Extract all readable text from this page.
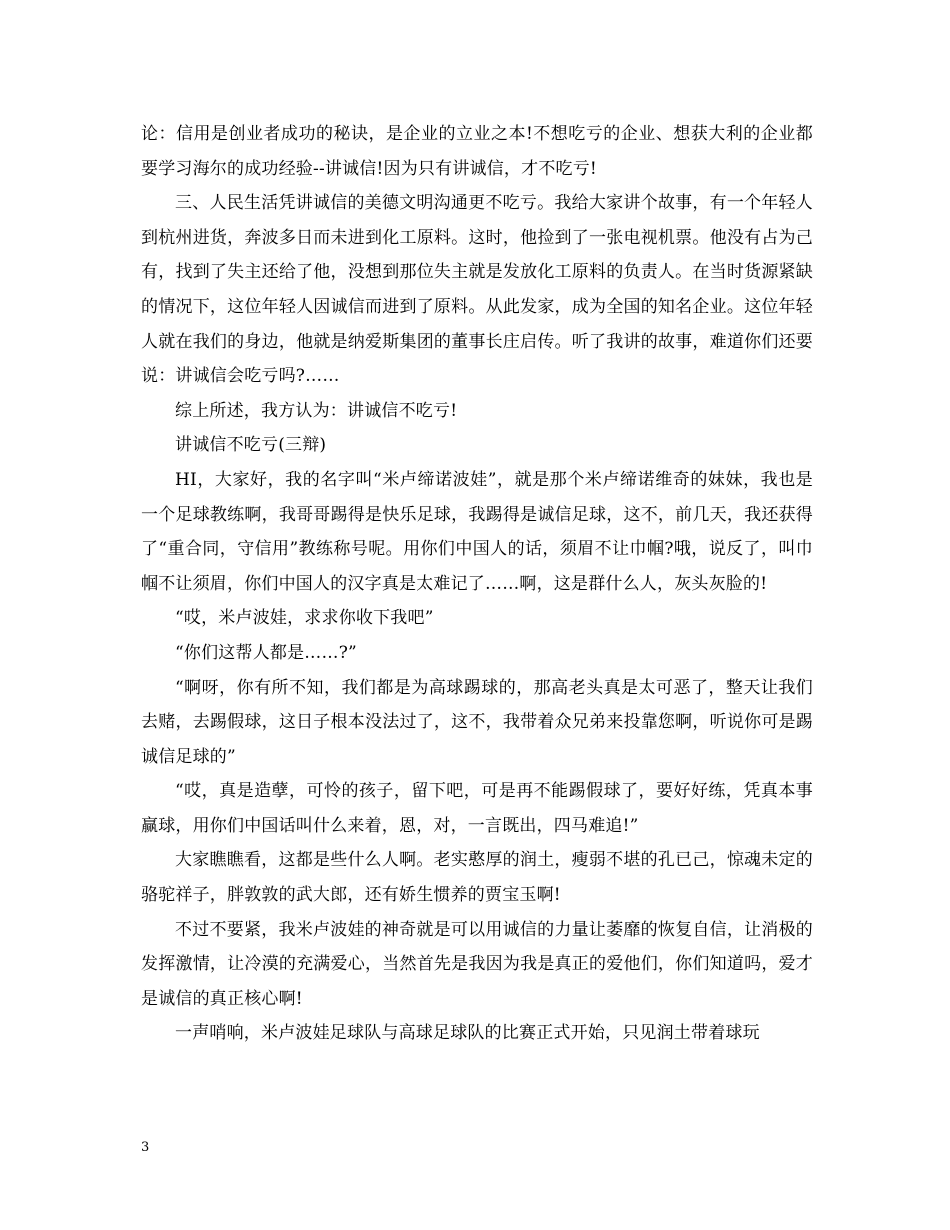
论：信用是创业者成功的秘诀，是企业的立业之本!不想吃亏的企业、想获大利的企业都要学习海尔的成功经验--讲诚信!因为只有讲诚信，才不吃亏!

三、人民生活凭讲诚信的美德文明沟通更不吃亏。我给大家讲个故事，有一个年轻人到杭州进货，奔波多日而未进到化工原料。这时，他捡到了一张电视机票。他没有占为己有，找到了失主还给了他，没想到那位失主就是发放化工原料的负责人。在当时货源紧缺的情况下，这位年轻人因诚信而进到了原料。从此发家，成为全国的知名企业。这位年轻人就在我们的身边，他就是纳爱斯集团的董事长庄启传。听了我讲的故事，难道你们还要说：讲诚信会吃亏吗?……

综上所述，我方认为：讲诚信不吃亏!

讲诚信不吃亏(三辩)

HI，大家好，我的名字叫“米卢缔诺波娃”，就是那个米卢缔诺维奇的妹妹，我也是一个足球教练啊，我哥哥踢得是快乐足球，我踢得是诚信足球，这不，前几天，我还获得了“重合同，守信用”教练称号呢。用你们中国人的话，须眉不让巾帼?哦，说反了，叫巾帼不让须眉，你们中国人的汉字真是太难记了……啊，这是群什么人，灰头灰脸的!

“哎，米卢波娃，求求你收下我吧”

“你们这帮人都是……?”

“啊呀，你有所不知，我们都是为高球踢球的，那高老头真是太可恶了，整天让我们去赌，去踢假球，这日子根本没法过了，这不，我带着众兄弟来投靠您啊，听说你可是踢诚信足球的”

“哎，真是造孽，可怜的孩子，留下吧，可是再不能踢假球了，要好好练，凭真本事赢球，用你们中国话叫什么来着，恩，对，一言既出，四马难追!”

大家瞧瞧看，这都是些什么人啊。老实憨厚的润土，瘦弱不堪的孔已己，惊魂未定的骆驼祥子，胖敦敦的武大郎，还有娇生惯养的贾宝玉啊!

不过不要紧，我米卢波娃的神奇就是可以用诚信的力量让萎靡的恢复自信，让消极的发挥激情，让冷漠的充满爱心，当然首先是我因为我是真正的爱他们，你们知道吗，爱才是诚信的真正核心啊!

一声哨响，米卢波娃足球队与高球足球队的比赛正式开始，只见润土带着球玩

3
